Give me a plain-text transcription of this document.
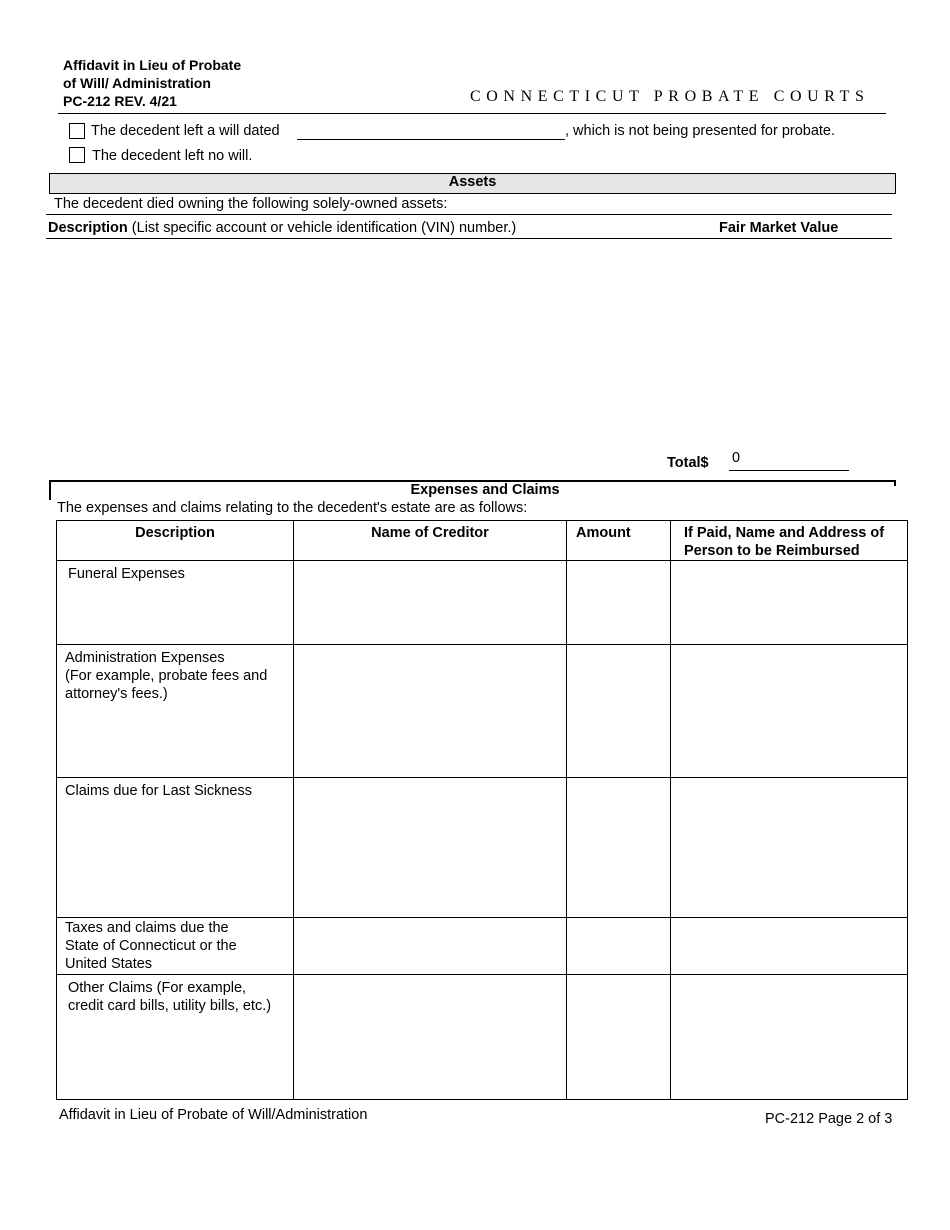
Affidavit in Lieu of Probate
of Will/ Administration
PC-212 REV. 4/21	CONNECTICUT PROBATE COURTS
The decedent left a will dated	, which is not being presented for probate.
The decedent left no will.
Assets
The decedent died owning the following solely-owned assets:
Description (List specific account or vehicle identification (VIN) number.)	Fair Market Value
Total$ 0
Expenses and Claims
The expenses and claims relating to the decedent's estate are as follows:
Description	Name of Creditor	Amount	If Paid, Name and Address of Person to be Reimbursed
Funeral Expenses			
Administration Expenses
(For example, probate fees and
attorney's fees.)			
Claims due for Last Sickness			
Taxes and claims due the
State of Connecticut or the
United States			
Other Claims (For example,
credit card bills, utility bills, etc.)			
Affidavit in Lieu of Probate of Will/Administration	PC-212 Page 2 of 3
